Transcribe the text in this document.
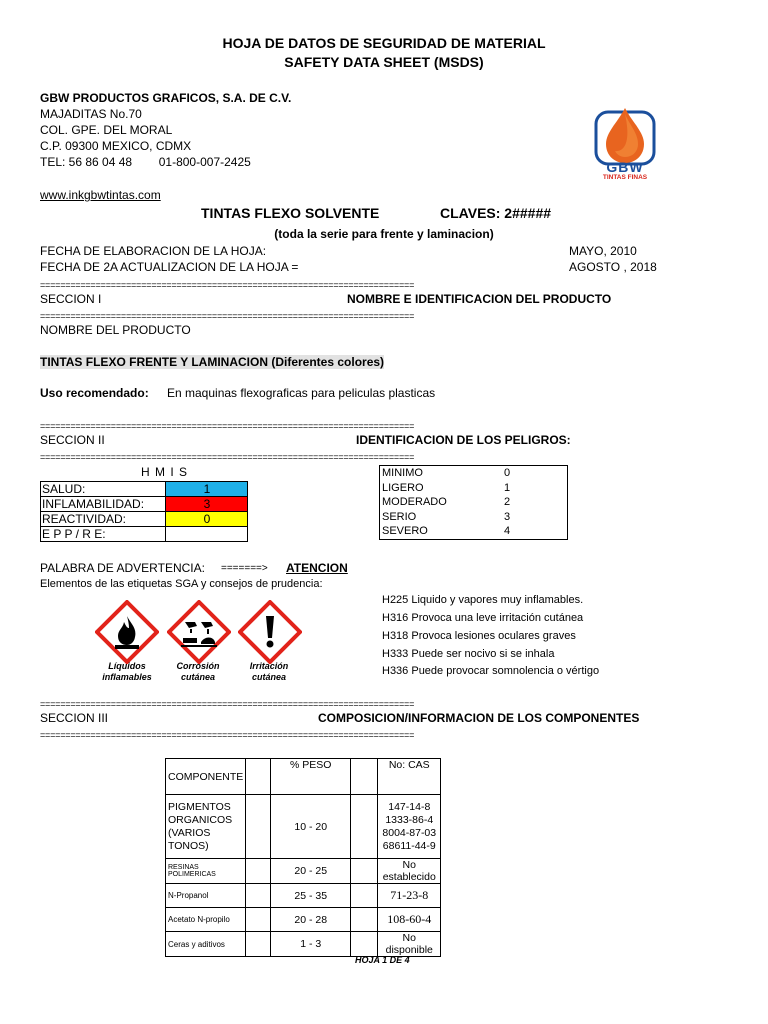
HOJA DE DATOS DE SEGURIDAD DE MATERIAL
SAFETY DATA SHEET (MSDS)
GBW PRODUCTOS GRAFICOS, S.A. DE C.V.
MAJADITAS No.70
COL. GPE. DEL MORAL
C.P. 09300 MEXICO, CDMX
TEL: 56 86 04 48        01-800-007-2425
www.inkgbwtintas.com
GBW
TINTAS FINAS
TINTAS FLEXO SOLVENTE	CLAVES: 2#####
(toda la serie para frente y laminacion)
FECHA DE ELABORACION DE LA HOJA:	MAYO, 2010
FECHA DE 2A ACTUALIZACION DE LA HOJA =	AGOSTO , 2018
==========================================================================
SECCION I	NOMBRE E IDENTIFICACION DEL PRODUCTO
==========================================================================
NOMBRE DEL PRODUCTO
TINTAS FLEXO FRENTE Y LAMINACION (Diferentes colores)
Uso recomendado: En maquinas flexograficas para peliculas plasticas
==========================================================================
SECCION II	IDENTIFICACION DE LOS PELIGROS:
==========================================================================
H M I S
SALUD:	1
INFLAMABILIDAD:	3
REACTIVIDAD:	0
E P P / R E:	
MINIMO	0
LIGERO	1
MODERADO	2
SERIO	3
SEVERO	4
PALABRA DE ADVERTENCIA: =======> ATENCION
Elementos de las etiquetas SGA y consejos de prudencia:
Líquidos
inflamables
Corrosión
cutánea
Irritación
cutánea
H225 Liquido y vapores muy inflamables.
H316 Provoca una leve irritación cutánea
H318 Provoca lesiones oculares graves
H333 Puede ser nocivo si se inhala
H336 Puede provocar somnolencia o vértigo
==========================================================================
SECCION III	COMPOSICION/INFORMACION DE LOS COMPONENTES
==========================================================================
COMPONENTE		% PESO		No: CAS
PIGMENTOS ORGANICOS (VARIOS TONOS)		10 - 20		147-14-8
1333-86-4
8004-87-03
68611-44-9
RESINAS POLIMERICAS		20 - 25		No establecido
N-Propanol		25 - 35		71-23-8
Acetato N-propilo		20 - 28		108-60-4
Ceras y aditivos		1 - 3		No disponible
HOJA 1 DE 4
